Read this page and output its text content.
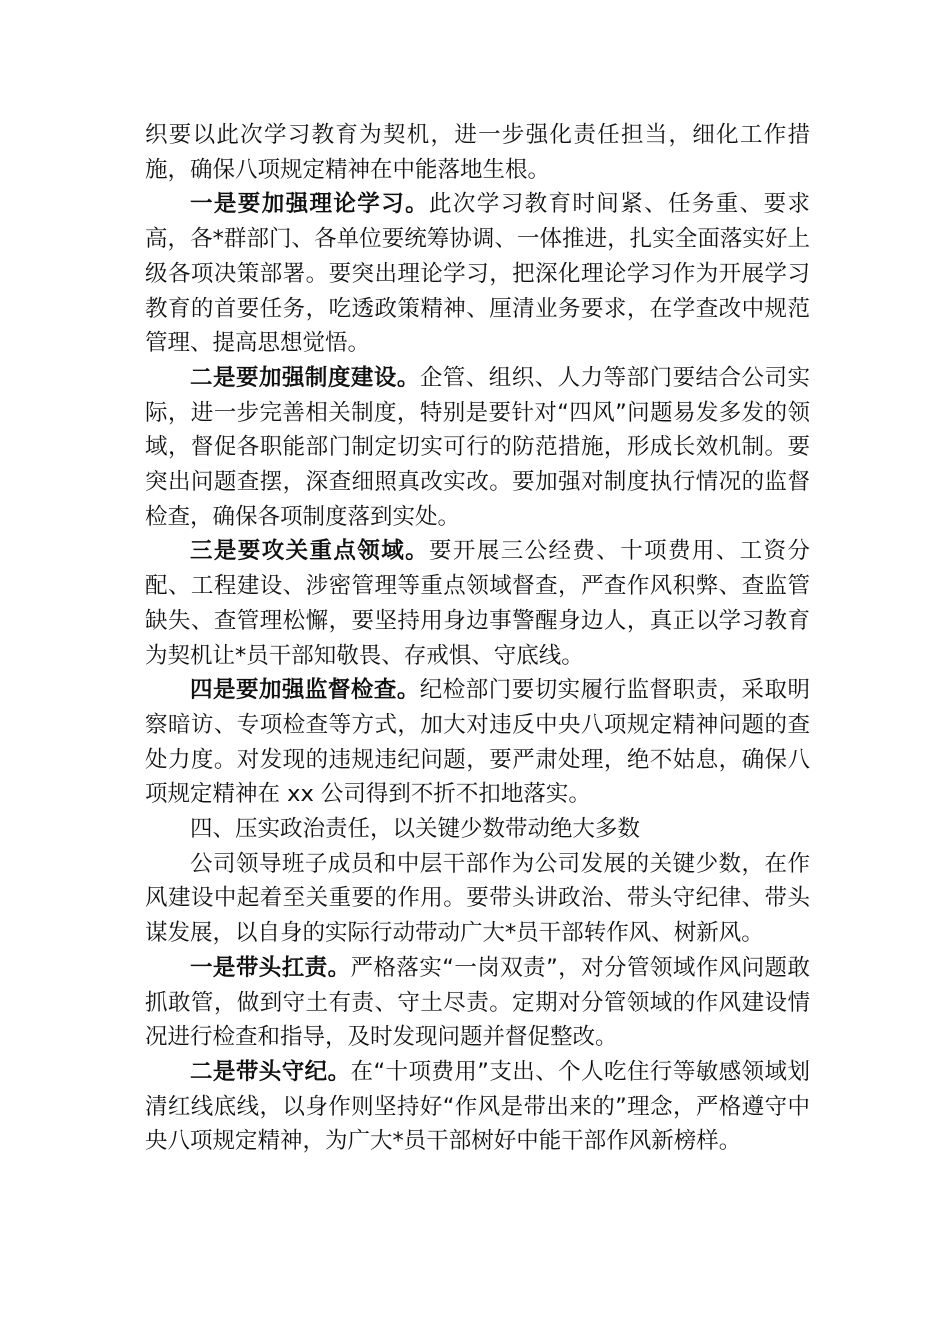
织要以此次学习教育为契机，进一步强化责任担当，细化工作措施，确保八项规定精神在中能落地生根。

一是要加强理论学习。此次学习教育时间紧、任务重、要求高，各*群部门、各单位要统筹协调、一体推进，扎实全面落实好上级各项决策部署。要突出理论学习，把深化理论学习作为开展学习教育的首要任务，吃透政策精神、厘清业务要求，在学查改中规范管理、提高思想觉悟。

二是要加强制度建设。企管、组织、人力等部门要结合公司实际，进一步完善相关制度，特别是要针对“四风”问题易发多发的领域，督促各职能部门制定切实可行的防范措施，形成长效机制。要突出问题查摆，深查细照真改实改。要加强对制度执行情况的监督检查，确保各项制度落到实处。

三是要攻关重点领域。要开展三公经费、十项费用、工资分配、工程建设、涉密管理等重点领域督查，严查作风积弊、查监管缺失、查管理松懈，要坚持用身边事警醒身边人，真正以学习教育为契机让*员干部知敬畏、存戒惧、守底线。

四是要加强监督检查。纪检部门要切实履行监督职责，采取明察暗访、专项检查等方式，加大对违反中央八项规定精神问题的查处力度。对发现的违规违纪问题，要严肃处理，绝不姑息，确保八项规定精神在 xx 公司得到不折不扣地落实。

四、压实政治责任，以关键少数带动绝大多数

公司领导班子成员和中层干部作为公司发展的关键少数，在作风建设中起着至关重要的作用。要带头讲政治、带头守纪律、带头谋发展，以自身的实际行动带动广大*员干部转作风、树新风。

一是带头扛责。严格落实“一岗双责”，对分管领域作风问题敢抓敢管，做到守土有责、守土尽责。定期对分管领域的作风建设情况进行检查和指导，及时发现问题并督促整改。

二是带头守纪。在“十项费用”支出、个人吃住行等敏感领域划清红线底线，以身作则坚持好“作风是带出来的”理念，严格遵守中央八项规定精神，为广大*员干部树好中能干部作风新榜样。
